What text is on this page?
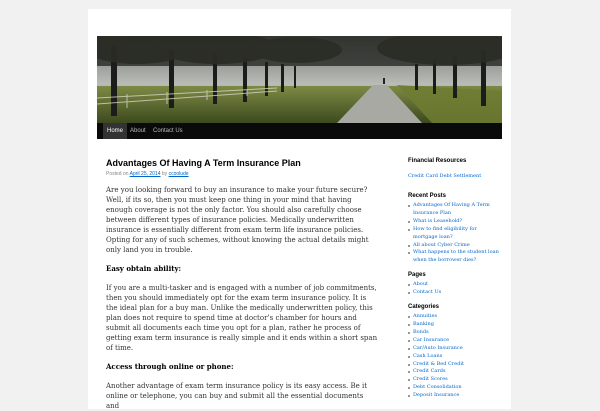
Home	About	Contact Us
Advantages Of Having A Term Insurance Plan
Posted on April 25, 2014 by ccoolude

Are you looking forward to buy an insurance to make your future secure? Well, if its so, then you must keep one thing in your mind that having enough coverage is not the only factor. You should also carefully choose between different types of insurance policies. Medically underwritten insurance is essentially different from exam term life insurance policies. Opting for any of such schemes, without knowing the actual details might only land you in trouble.

Easy obtain ability:

If you are a multi-tasker and is engaged with a number of job commitments, then you should immediately opt for the exam term insurance policy. It is the ideal plan for a buy man. Unlike the medically underwritten policy, this plan does not require to spend time at doctor’s chamber for hours and submit all documents each time you opt for a plan, rather he process of getting exam term insurance is really simple and it ends within a short span of time.

Access through online or phone:

Another advantage of exam term insurance policy is its easy access. Be it online or telephone, you can buy and submit all the essential documents and

Financial Resources
Credit Card Debt Settlement
Recent Posts
Advantages Of Having A Term Insurance Plan
What is Leasehold?
How to find eligibility for mortgage loan?
All about Cyber Crime
What happens to the student loan when the borrower dies?
Pages
About
Contact Us
Categories
Annuities
Banking
Bonds
Car Insurance
Car/Auto Insurance
Cash Loans
Credit & Bed Credit
Credit Cards
Credit Scores
Debt Consolidation
Deposit Insurance
